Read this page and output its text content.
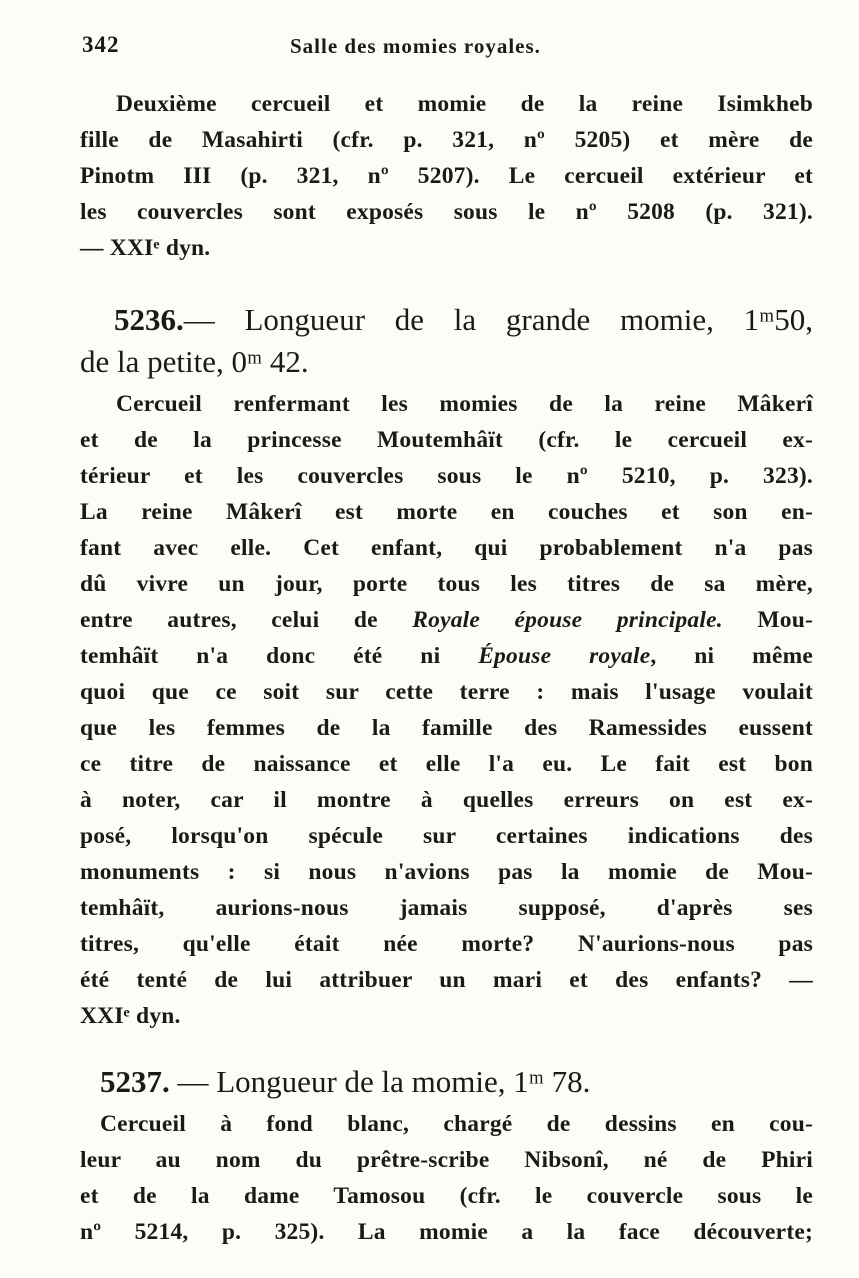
342	Salle des momies royales.
Deuxième cercueil et momie de la reine Isimkheb
fille de Masahirti (cfr. p. 321, nº 5205) et mère de
Pinotm III (p. 321, nº 5207). Le cercueil extérieur et
les couvercles sont exposés sous le nº 5208 (p. 321).
— XXIᵉ dyn.
5236.— Longueur de la grande momie, 1ᵐ50,
de la petite, 0ᵐ 42.
Cercueil renfermant les momies de la reine Mâkerî
et de la princesse Moutemhâït (cfr. le cercueil ex-
térieur et les couvercles sous le nº 5210, p. 323).
La reine Mâkerî est morte en couches et son en-
fant avec elle. Cet enfant, qui probablement n'a pas
dû vivre un jour, porte tous les titres de sa mère,
entre autres, celui de Royale épouse principale. Mou-
temhâït n'a donc été ni Épouse royale, ni même
quoi que ce soit sur cette terre : mais l'usage voulait
que les femmes de la famille des Ramessides eussent
ce titre de naissance et elle l'a eu. Le fait est bon
à noter, car il montre à quelles erreurs on est ex-
posé, lorsqu'on spécule sur certaines indications des
monuments : si nous n'avions pas la momie de Mou-
temhâït, aurions-nous jamais supposé, d'après ses
titres, qu'elle était née morte? N'aurions-nous pas
été tenté de lui attribuer un mari et des enfants? —
XXIᵉ dyn.
5237. — Longueur de la momie, 1ᵐ 78.
Cercueil à fond blanc, chargé de dessins en cou-
leur au nom du prêtre-scribe Nibsonî, né de Phiri
et de la dame Tamosou (cfr. le couvercle sous le
nº 5214, p. 325). La momie a la face découverte;
